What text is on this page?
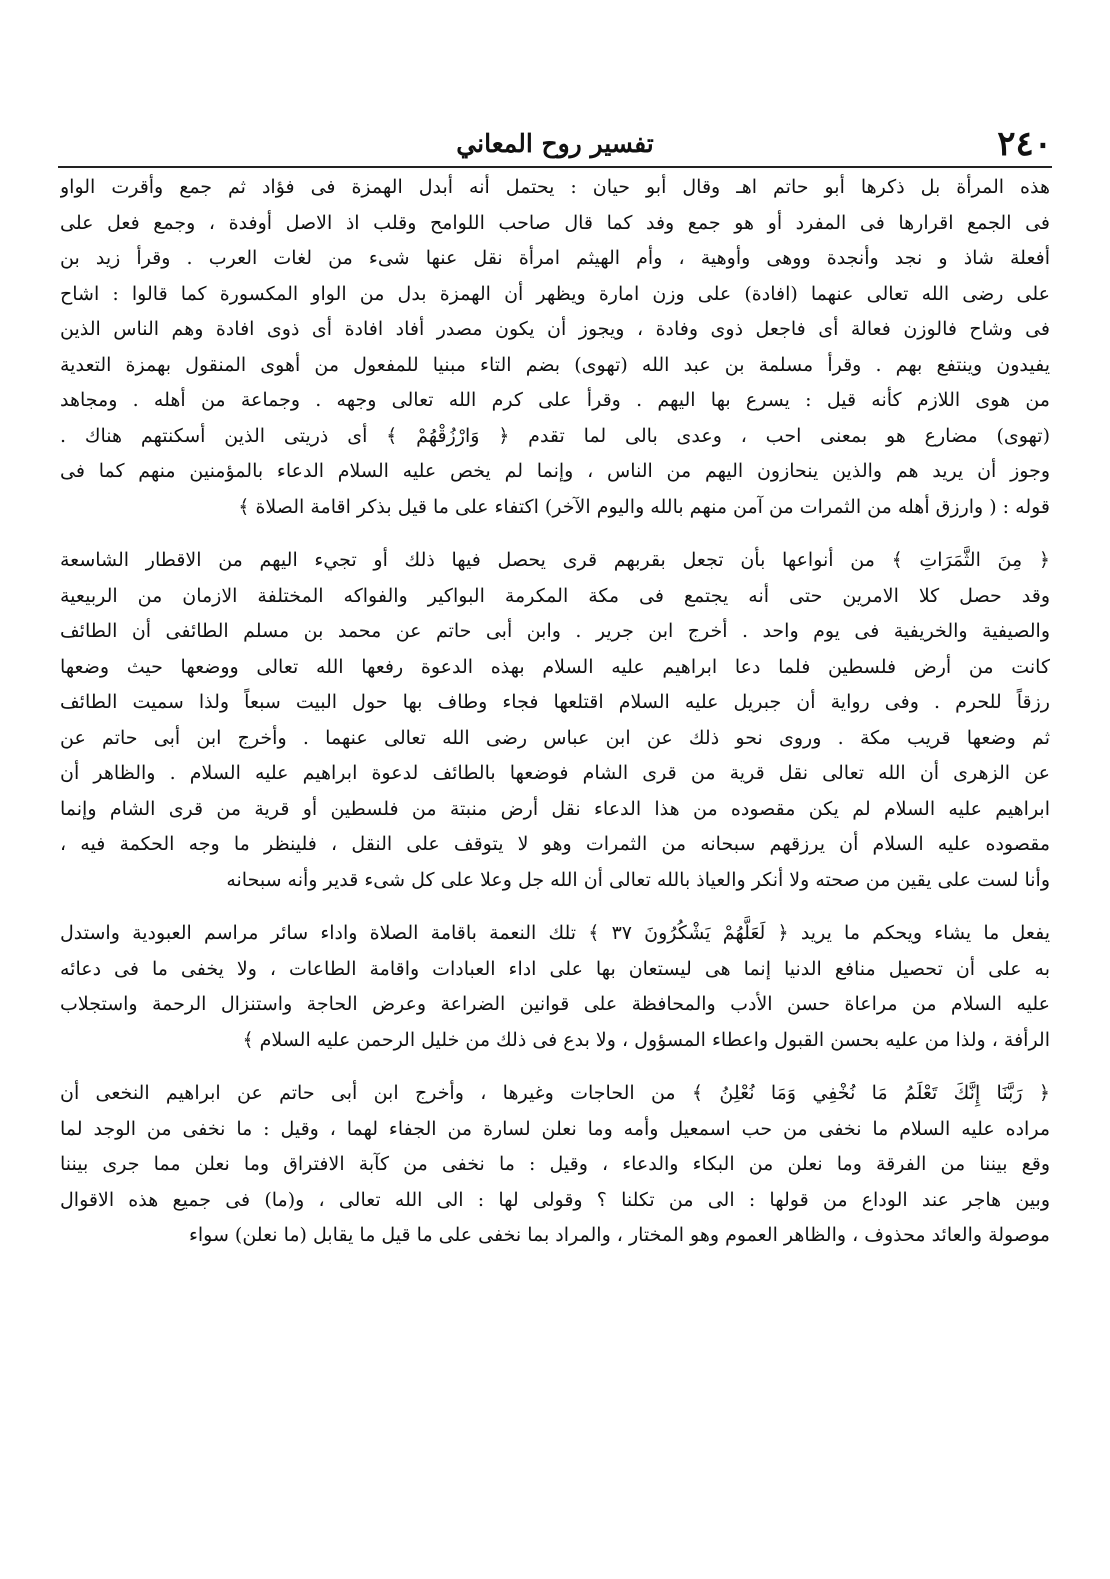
٢٤٠
تفسير روح المعاني
هذه المرأة بل ذكرها أبو حاتم اهـ وقال أبو حيان : يحتمل أنه أبدل الهمزة فى فؤاد ثم جمع وأقرت الواو
فى الجمع اقرارها فى المفرد أو هو جمع وفد كما قال صاحب اللوامح وقلب اذ الاصل أوفدة ، وجمع فعل على
أفعلة شاذ و نجد وأنجدة ووهى وأوهية ، وأم الهيثم امرأة نقل عنها شىء من لغات العرب . وقرأ زيد بن
على رضى الله تعالى عنهما (افادة) على وزن امارة ويظهر أن الهمزة بدل من الواو المكسورة كما قالوا : اشاح
فى وشاح فالوزن فعالة أى فاجعل ذوى وفادة ، ويجوز أن يكون مصدر أفاد افادة أى ذوى افادة وهم الناس الذين
يفيدون وينتفع بهم . وقرأ مسلمة بن عبد الله (تهوى) بضم التاء مبنيا للمفعول من أهوى المنقول بهمزة التعدية
من هوى اللازم كأنه قيل : يسرع بها اليهم . وقرأ على كرم الله تعالى وجهه . وجماعة من أهله . ومجاهد
(تهوى) مضارع هو بمعنى احب ، وعدى بالى لما تقدم ﴿ وَارْزُقْهُمْ ﴾ أى ذريتى الذين أسكنتهم هناك .
وجوز أن يريد هم والذين ينحازون اليهم من الناس ، وإنما لم يخص عليه السلام الدعاء بالمؤمنين منهم كما فى
قوله : ( وارزق أهله من الثمرات من آمن منهم بالله واليوم الآخر) اكتفاء على ما قيل بذكر اقامة الصلاة ﴾
﴿ مِنَ الثَّمَرَاتِ ﴾ من أنواعها بأن تجعل بقربهم قرى يحصل فيها ذلك أو تجيء اليهم من الاقطار الشاسعة
وقد حصل كلا الامرين حتى أنه يجتمع فى مكة المكرمة البواكير والفواكه المختلفة الازمان من الربيعية
والصيفية والخريفية فى يوم واحد . أخرج ابن جرير . وابن أبى حاتم عن محمد بن مسلم الطائفى أن الطائف
كانت من أرض فلسطين فلما دعا ابراهيم عليه السلام بهذه الدعوة رفعها الله تعالى ووضعها حيث وضعها
رزقاً للحرم . وفى رواية أن جبريل عليه السلام اقتلعها فجاء وطاف بها حول البيت سبعاً ولذا سميت الطائف
ثم وضعها قريب مكة . وروى نحو ذلك عن ابن عباس رضى الله تعالى عنهما . وأخرج ابن أبى حاتم عن
عن الزهرى أن الله تعالى نقل قرية من قرى الشام فوضعها بالطائف لدعوة ابراهيم عليه السلام . والظاهر أن
ابراهيم عليه السلام لم يكن مقصوده من هذا الدعاء نقل أرض منبتة من فلسطين أو قرية من قرى الشام وإنما
مقصوده عليه السلام أن يرزقهم سبحانه من الثمرات وهو لا يتوقف على النقل ، فلينظر ما وجه الحكمة فيه ،
وأنا لست على يقين من صحته ولا أنكر والعياذ بالله تعالى أن الله جل وعلا على كل شىء قدير وأنه سبحانه
يفعل ما يشاء ويحكم ما يريد ﴿ لَعَلَّهُمْ يَشْكُرُونَ ٣٧ ﴾ تلك النعمة باقامة الصلاة واداء سائر مراسم العبودية واستدل
به على أن تحصيل منافع الدنيا إنما هى ليستعان بها على اداء العبادات واقامة الطاعات ، ولا يخفى ما فى دعائه
عليه السلام من مراعاة حسن الأدب والمحافظة على قوانين الضراعة وعرض الحاجة واستنزال الرحمة واستجلاب
الرأفة ، ولذا من عليه بحسن القبول واعطاء المسؤول ، ولا بدع فى ذلك من خليل الرحمن عليه السلام ﴾
﴿ رَبَّنَا إِنَّكَ تَعْلَمُ مَا نُخْفِي وَمَا نُعْلِنُ ﴾ من الحاجات وغيرها ، وأخرج ابن أبى حاتم عن ابراهيم النخعى أن
مراده عليه السلام ما نخفى من حب اسمعيل وأمه وما نعلن لسارة من الجفاء لهما ، وقيل : ما نخفى من الوجد لما
وقع بيننا من الفرقة وما نعلن من البكاء والدعاء ، وقيل : ما نخفى من كآبة الافتراق وما نعلن مما جرى بيننا
وبين هاجر عند الوداع من قولها : الى من تكلنا ؟ وقولى لها : الى الله تعالى ، و(ما) فى جميع هذه الاقوال
موصولة والعائد محذوف ، والظاهر العموم وهو المختار ، والمراد بما نخفى على ما قيل ما يقابل (ما نعلن) سواء
